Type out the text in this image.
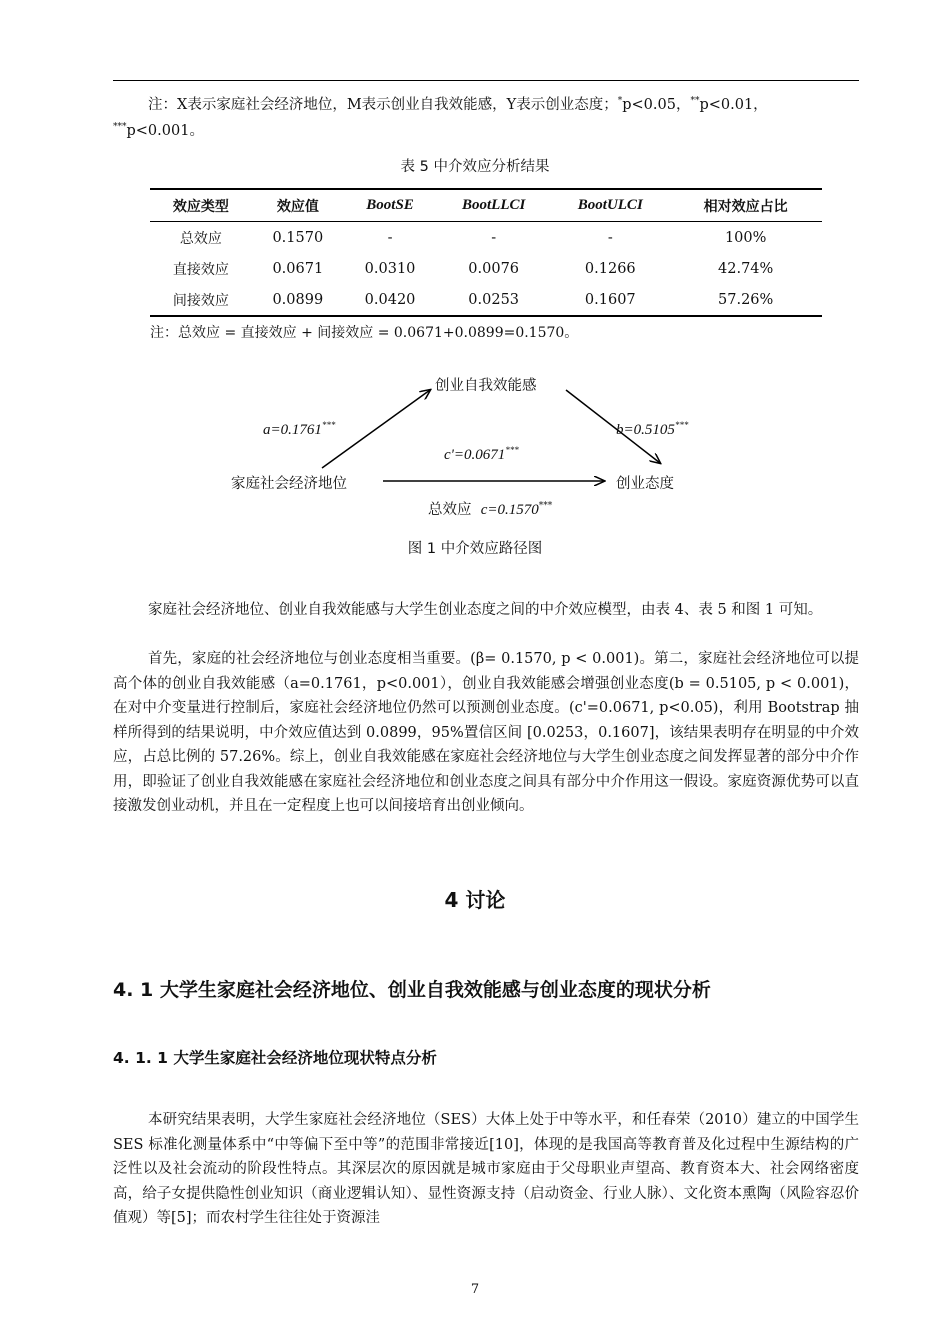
注：X表示家庭社会经济地位，M表示创业自我效能感，Y表示创业态度；*p<0.05，**p<0.01，

***p<0.001。

表 5 中介效应分析结果
效应类型	效应值	BootSE	BootLLCI	BootULCI	相对效应占比
总效应	0.1570	-	-	-	100%
直接效应	0.0671	0.0310	0.0076	0.1266	42.74%
间接效应	0.0899	0.0420	0.0253	0.1607	57.26%
注：总效应 = 直接效应 + 间接效应 = 0.0671+0.0899=0.1570。
创业自我效能感
家庭社会经济地位	创业态度
a=0.1761***	b=0.5105***
c'=0.0671***
总效应 c=0.1570***
图 1 中介效应路径图

家庭社会经济地位、创业自我效能感与大学生创业态度之间的中介效应模型，由表 4、表 5 和图 1 可知。

首先，家庭的社会经济地位与创业态度相当重要。(β= 0.1570, p < 0.001)。第二，家庭社会经济地位可以提高个体的创业自我效能感（a=0.1761，p<0.001），创业自我效能感会增强创业态度(b = 0.5105, p < 0.001)，在对中介变量进行控制后，家庭社会经济地位仍然可以预测创业态度。(c'=0.0671, p<0.05)，利用 Bootstrap 抽样所得到的结果说明，中介效应值达到 0.0899，95%置信区间 [0.0253，0.1607]，该结果表明存在明显的中介效应，占总比例的 57.26%。综上，创业自我效能感在家庭社会经济地位与大学生创业态度之间发挥显著的部分中介作用，即验证了创业自我效能感在家庭社会经济地位和创业态度之间具有部分中介作用这一假设。家庭资源优势可以直接激发创业动机，并且在一定程度上也可以间接培育出创业倾向。

4 讨论
4. 1 大学生家庭社会经济地位、创业自我效能感与创业态度的现状分析
4. 1. 1 大学生家庭社会经济地位现状特点分析

本研究结果表明，大学生家庭社会经济地位（SES）大体上处于中等水平，和任春荣（2010）建立的中国学生 SES 标准化测量体系中“中等偏下至中等”的范围非常接近[10]，体现的是我国高等教育普及化过程中生源结构的广泛性以及社会流动的阶段性特点。其深层次的原因就是城市家庭由于父母职业声望高、教育资本大、社会网络密度高，给子女提供隐性创业知识（商业逻辑认知）、显性资源支持（启动资金、行业人脉）、文化资本熏陶（风险容忍价值观）等[5]；而农村学生往往处于资源洼

7
